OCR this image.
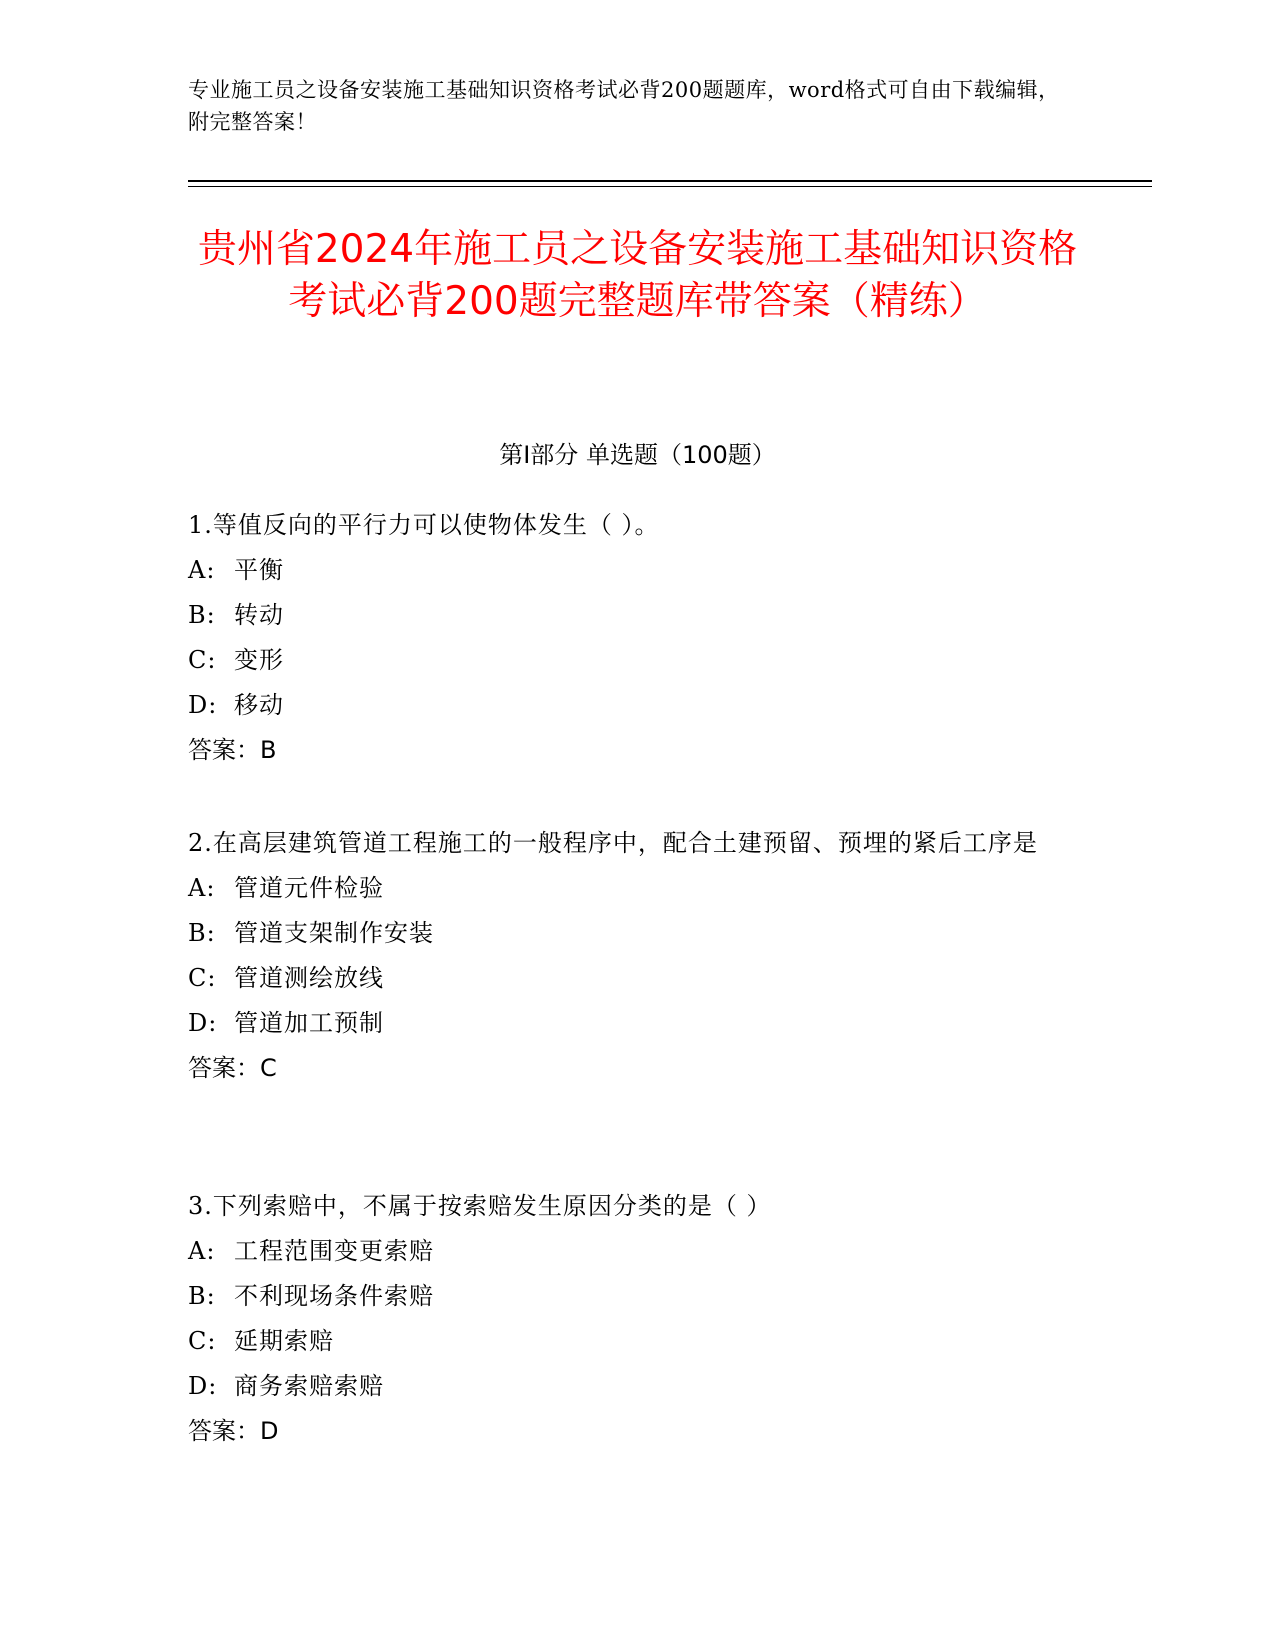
专业施工员之设备安装施工基础知识资格考试必背200题题库，word格式可自由下载编辑，附完整答案！
贵州省2024年施工员之设备安装施工基础知识资格考试必背200题完整题库带答案（精练）
第I部分 单选题（100题）

1.等值反向的平行力可以使物体发生（ ）。

A: 平衡

B: 转动

C: 变形

D: 移动

答案：B

2.在高层建筑管道工程施工的一般程序中，配合土建预留、预埋的紧后工序是

A: 管道元件检验

B: 管道支架制作安装

C: 管道测绘放线

D: 管道加工预制

答案：C

3.下列索赔中，不属于按索赔发生原因分类的是（ ）

A: 工程范围变更索赔

B: 不利现场条件索赔

C: 延期索赔

D: 商务索赔索赔

答案：D
